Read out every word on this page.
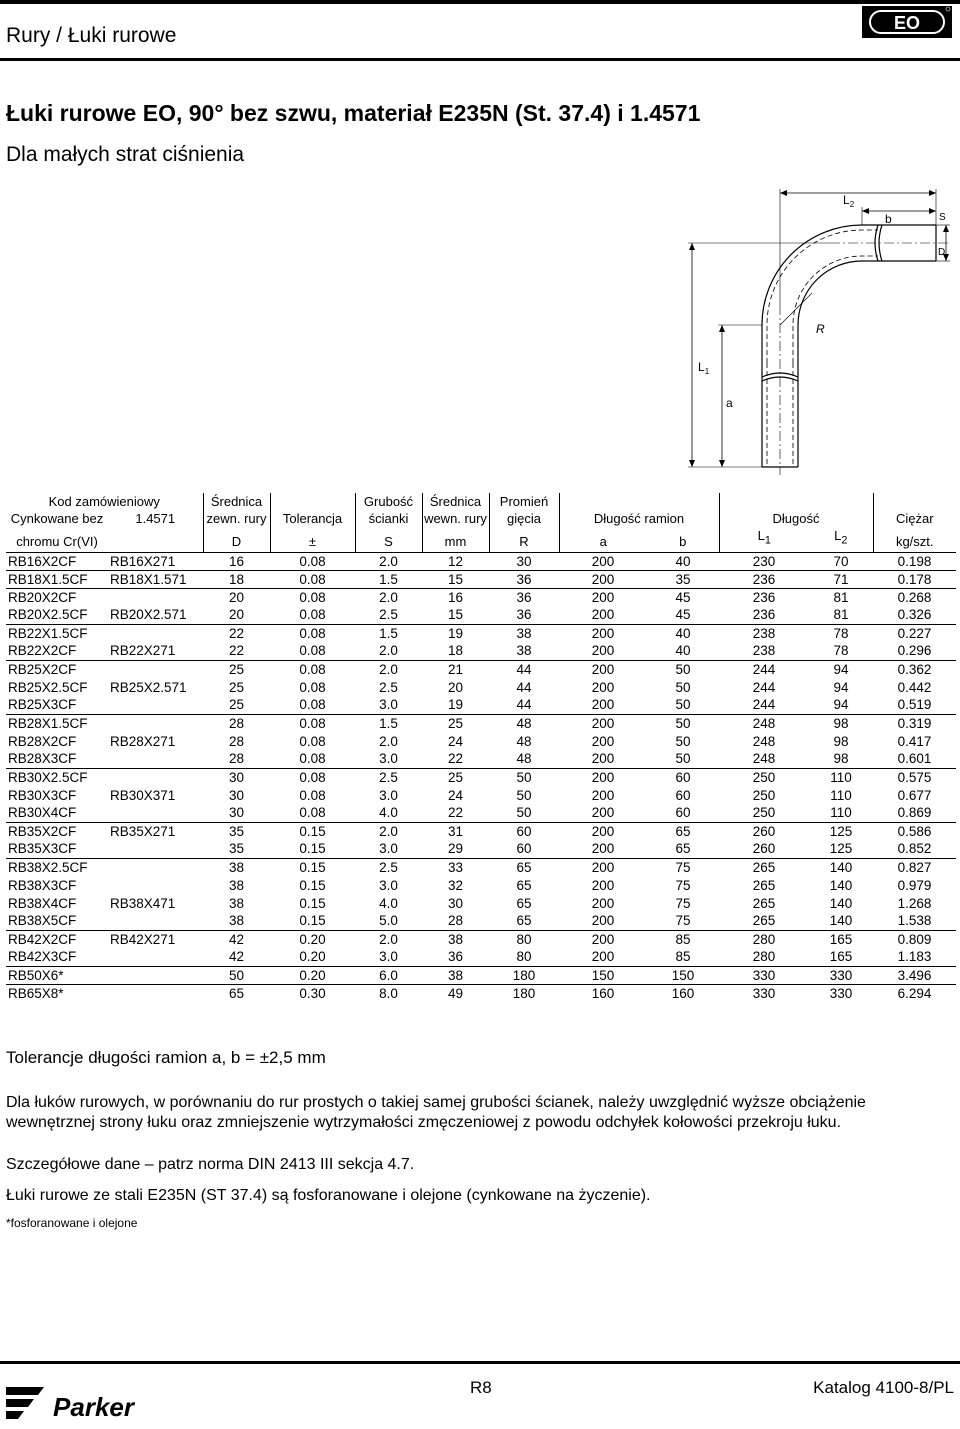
Rury / Łuki rurowe
EO
Łuki rurowe EO, 90° bez szwu, materiał E235N (St. 37.4) i 1.4571
Dla małych strat ciśnienia
$L_2$
b	S
D
R
$L_1$
a
Kod zamówieniowy		Średnica		Grubość	Średnica	Promień					
Cynkowane bez	1.4571	zewn. rury	Tolerancja	ścianki	wewn. rury	gięcia	Długość ramion		Długość		Ciężar
chromu Cr(VI)		D	±	S	mm	R	a	b	$L_1$	$L_2$	kg/szt.
RB16X2CF	RB16X271	16	0.08	2.0	12	30	200	40	230	70	0.198
RB18X1.5CF	RB18X1.571	18	0.08	1.5	15	36	200	35	236	71	0.178
RB20X2CF		20	0.08	2.0	16	36	200	45	236	81	0.268
RB20X2.5CF	RB20X2.571	20	0.08	2.5	15	36	200	45	236	81	0.326
RB22X1.5CF		22	0.08	1.5	19	38	200	40	238	78	0.227
RB22X2CF	RB22X271	22	0.08	2.0	18	38	200	40	238	78	0.296
RB25X2CF		25	0.08	2.0	21	44	200	50	244	94	0.362
RB25X2.5CF	RB25X2.571	25	0.08	2.5	20	44	200	50	244	94	0.442
RB25X3CF		25	0.08	3.0	19	44	200	50	244	94	0.519
RB28X1.5CF		28	0.08	1.5	25	48	200	50	248	98	0.319
RB28X2CF	RB28X271	28	0.08	2.0	24	48	200	50	248	98	0.417
RB28X3CF		28	0.08	3.0	22	48	200	50	248	98	0.601
RB30X2.5CF		30	0.08	2.5	25	50	200	60	250	110	0.575
RB30X3CF	RB30X371	30	0.08	3.0	24	50	200	60	250	110	0.677
RB30X4CF		30	0.08	4.0	22	50	200	60	250	110	0.869
RB35X2CF	RB35X271	35	0.15	2.0	31	60	200	65	260	125	0.586
RB35X3CF		35	0.15	3.0	29	60	200	65	260	125	0.852
RB38X2.5CF		38	0.15	2.5	33	65	200	75	265	140	0.827
RB38X3CF		38	0.15	3.0	32	65	200	75	265	140	0.979
RB38X4CF	RB38X471	38	0.15	4.0	30	65	200	75	265	140	1.268
RB38X5CF		38	0.15	5.0	28	65	200	75	265	140	1.538
RB42X2CF	RB42X271	42	0.20	2.0	38	80	200	85	280	165	0.809
RB42X3CF		42	0.20	3.0	36	80	200	85	280	165	1.183
RB50X6*		50	0.20	6.0	38	180	150	150	330	330	3.496
RB65X8*		65	0.30	8.0	49	180	160	160	330	330	6.294
Tolerancje długości ramion a, b = ±2,5 mm
Dla łuków rurowych, w porównaniu do rur prostych o takiej samej grubości ścianek, należy uwzględnić wyższe obciążenie wewnętrznej strony łuku oraz zmniejszenie wytrzymałości zmęczeniowej z powodu odchyłek kołowości przekroju łuku.
Szczegółowe dane – patrz norma DIN 2413 III sekcja 4.7.
Łuki rurowe ze stali E235N (ST 37.4) są fosforanowane i olejone (cynkowane na życzenie).
*fosforanowane i olejone
Parker
R8	Katalog 4100-8/PL
